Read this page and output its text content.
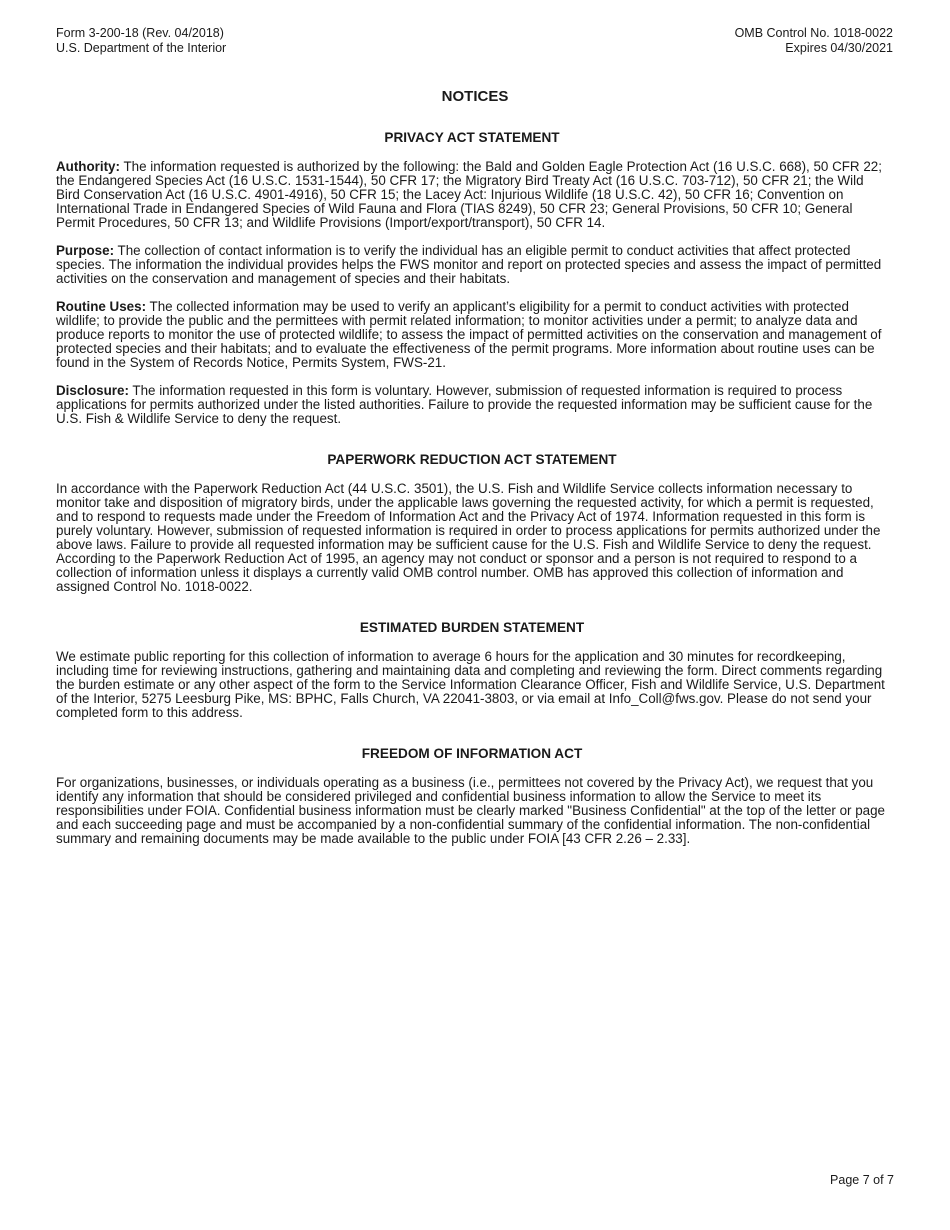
Form 3-200-18 (Rev. 04/2018)
U.S. Department of the Interior
OMB Control No. 1018-0022
Expires 04/30/2021
NOTICES

PRIVACY ACT STATEMENT

Authority: The information requested is authorized by the following: the Bald and Golden Eagle Protection Act (16 U.S.C. 668), 50 CFR 22; the Endangered Species Act (16 U.S.C. 1531-1544), 50 CFR 17; the Migratory Bird Treaty Act (16 U.S.C. 703-712), 50 CFR 21; the Wild Bird Conservation Act (16 U.S.C. 4901-4916), 50 CFR 15; the Lacey Act: Injurious Wildlife (18 U.S.C. 42), 50 CFR 16; Convention on International Trade in Endangered Species of Wild Fauna and Flora (TIAS 8249), 50 CFR 23; General Provisions, 50 CFR 10; General Permit Procedures, 50 CFR 13; and Wildlife Provisions (Import/export/transport), 50 CFR 14.

Purpose: The collection of contact information is to verify the individual has an eligible permit to conduct activities that affect protected species. The information the individual provides helps the FWS monitor and report on protected species and assess the impact of permitted activities on the conservation and management of species and their habitats.

Routine Uses: The collected information may be used to verify an applicant’s eligibility for a permit to conduct activities with protected wildlife; to provide the public and the permittees with permit related information; to monitor activities under a permit; to analyze data and produce reports to monitor the use of protected wildlife; to assess the impact of permitted activities on the conservation and management of protected species and their habitats; and to evaluate the effectiveness of the permit programs. More information about routine uses can be found in the System of Records Notice, Permits System, FWS-21.

Disclosure: The information requested in this form is voluntary. However, submission of requested information is required to process applications for permits authorized under the listed authorities. Failure to provide the requested information may be sufficient cause for the U.S. Fish & Wildlife Service to deny the request.

PAPERWORK REDUCTION ACT STATEMENT

In accordance with the Paperwork Reduction Act (44 U.S.C. 3501), the U.S. Fish and Wildlife Service collects information necessary to monitor take and disposition of migratory birds, under the applicable laws governing the requested activity, for which a permit is requested, and to respond to requests made under the Freedom of Information Act and the Privacy Act of 1974. Information requested in this form is purely voluntary. However, submission of requested information is required in order to process applications for permits authorized under the above laws. Failure to provide all requested information may be sufficient cause for the U.S. Fish and Wildlife Service to deny the request. According to the Paperwork Reduction Act of 1995, an agency may not conduct or sponsor and a person is not required to respond to a collection of information unless it displays a currently valid OMB control number. OMB has approved this collection of information and assigned Control No. 1018-0022.

ESTIMATED BURDEN STATEMENT

We estimate public reporting for this collection of information to average 6 hours for the application and 30 minutes for recordkeeping, including time for reviewing instructions, gathering and maintaining data and completing and reviewing the form. Direct comments regarding the burden estimate or any other aspect of the form to the Service Information Clearance Officer, Fish and Wildlife Service, U.S. Department of the Interior, 5275 Leesburg Pike, MS: BPHC, Falls Church, VA 22041-3803, or via email at Info_Coll@fws.gov. Please do not send your completed form to this address.

FREEDOM OF INFORMATION ACT

For organizations, businesses, or individuals operating as a business (i.e., permittees not covered by the Privacy Act), we request that you identify any information that should be considered privileged and confidential business information to allow the Service to meet its responsibilities under FOIA. Confidential business information must be clearly marked "Business Confidential" at the top of the letter or page and each succeeding page and must be accompanied by a non-confidential summary of the confidential information. The non-confidential summary and remaining documents may be made available to the public under FOIA [43 CFR 2.26 – 2.33].

Page 7 of 7
